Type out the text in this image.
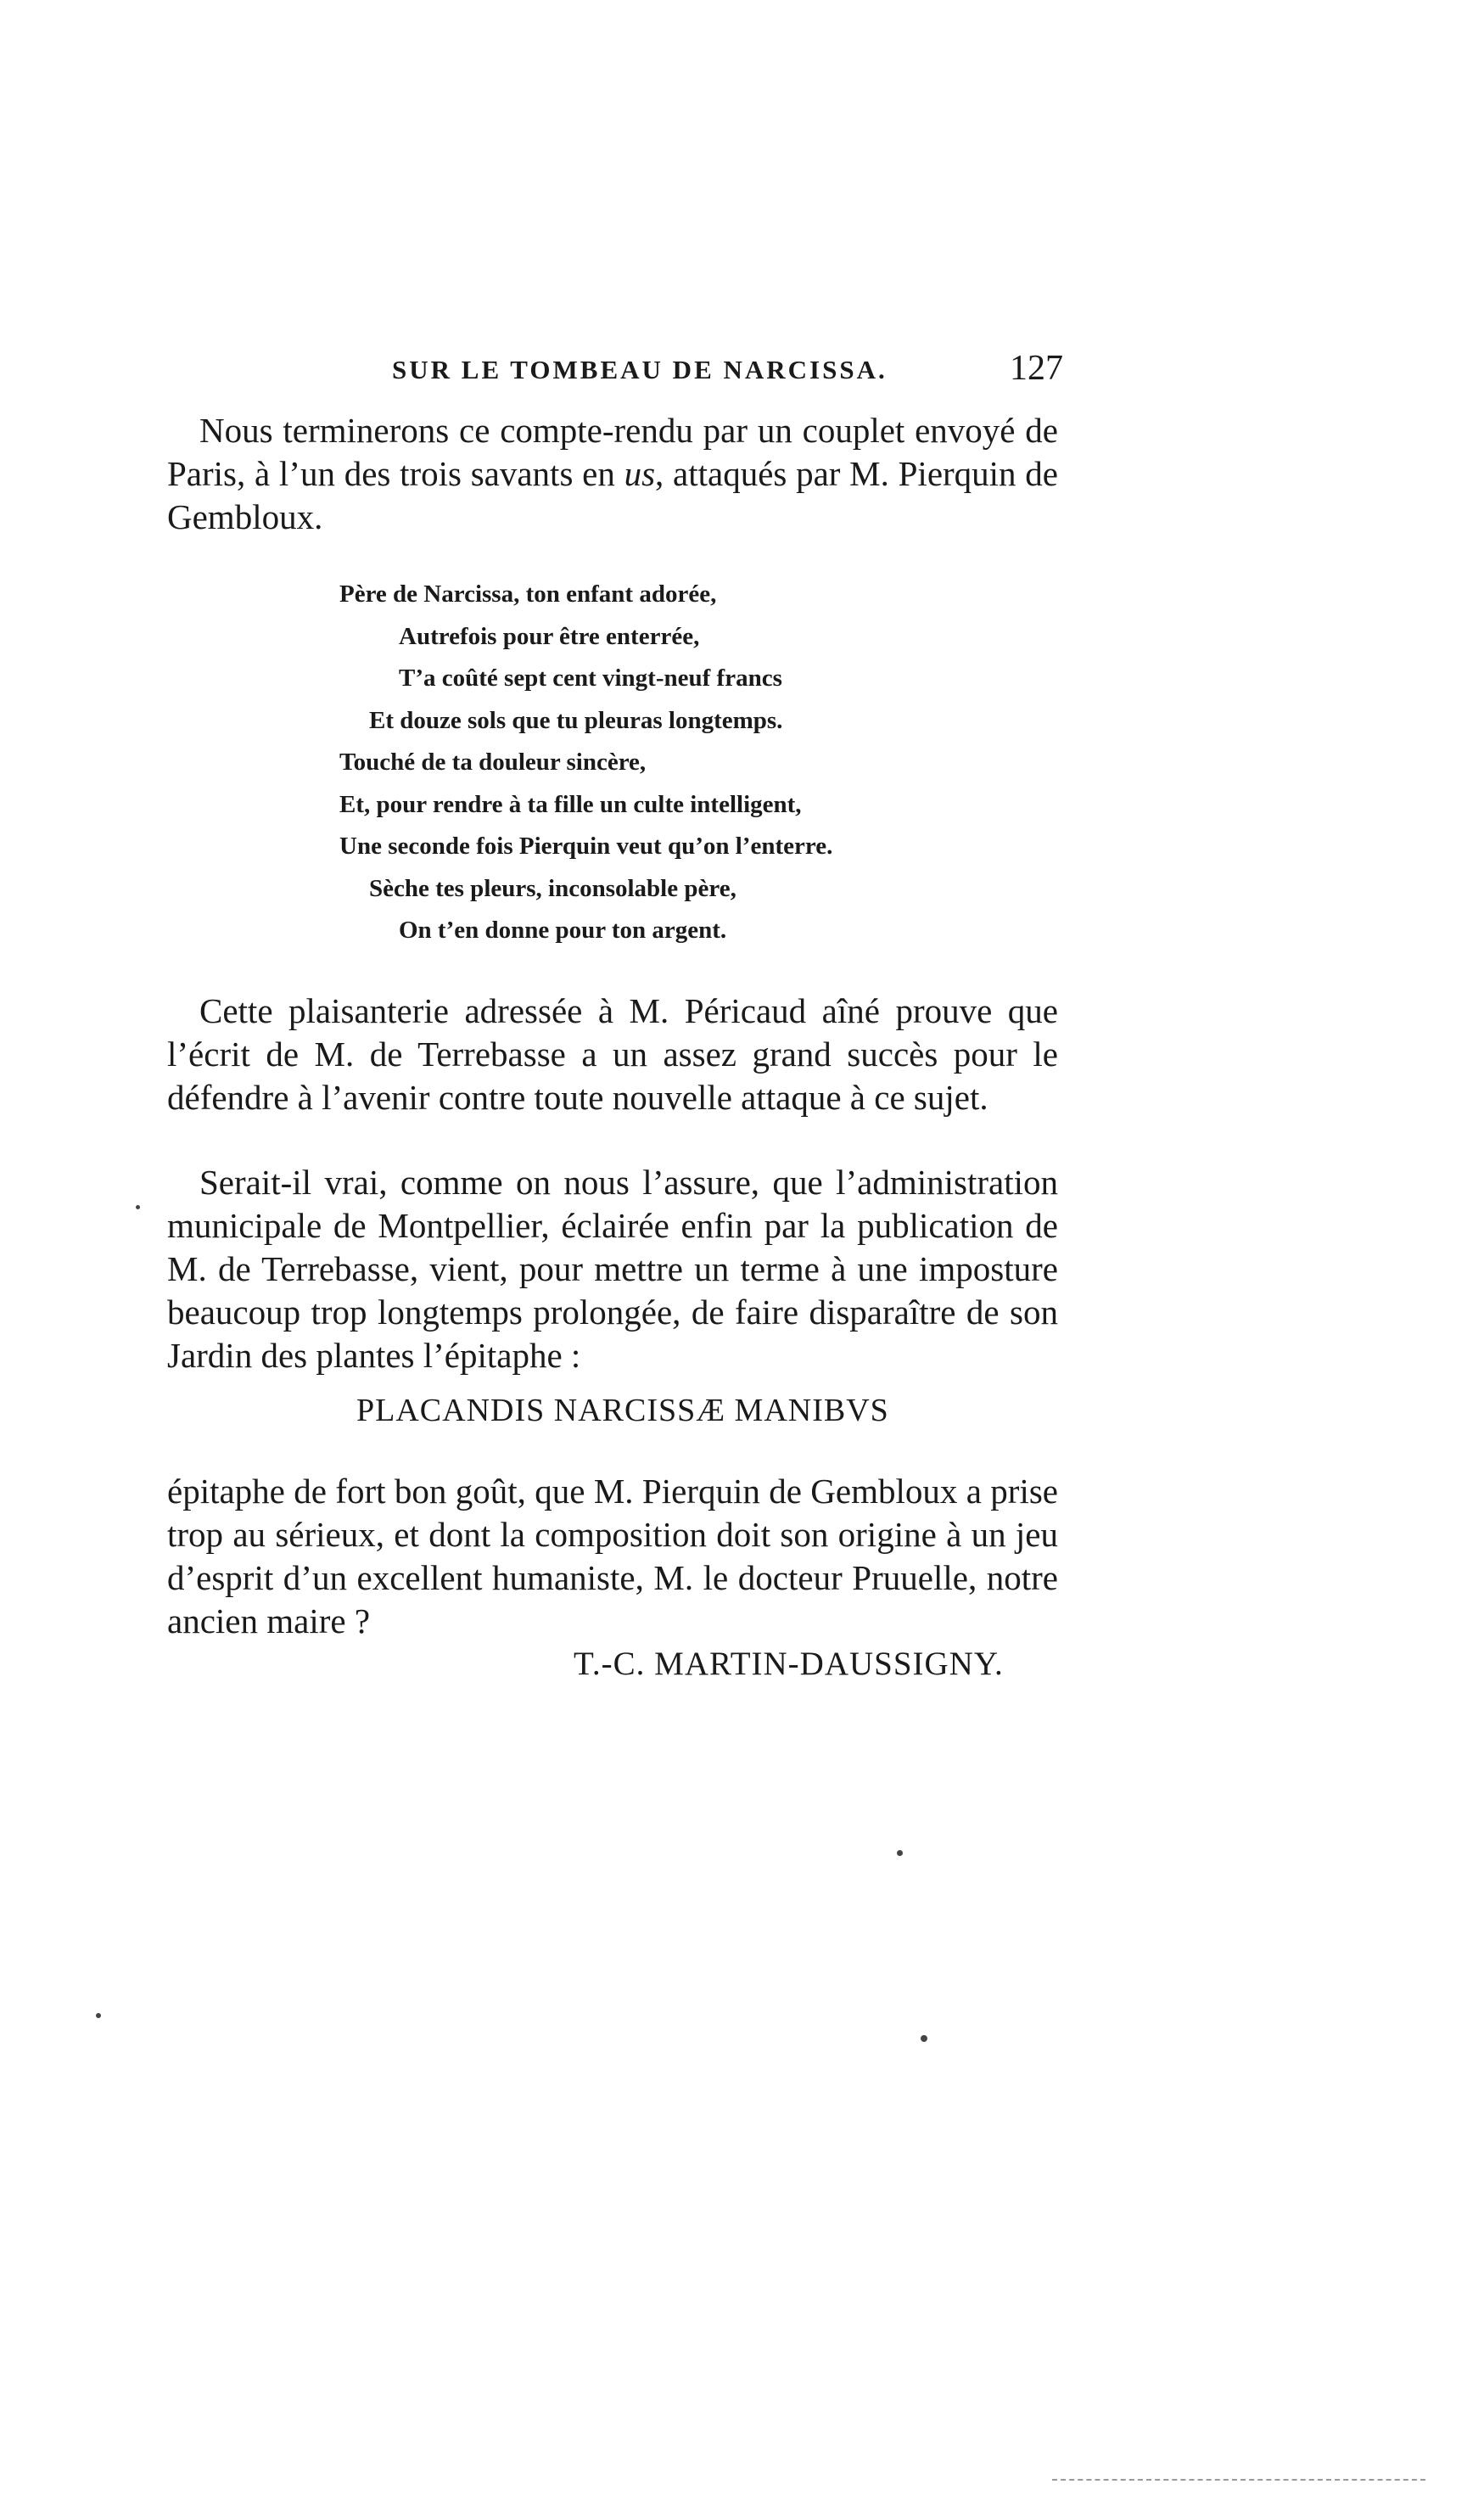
SUR LE TOMBEAU DE NARCISSA.	127
Nous terminerons ce compte-rendu par un couplet envoyé de Paris, à l’un des trois savants en us, attaqués par M. Pierquin de Gembloux.
Père de Narcissa, ton enfant adorée,
Autrefois pour être enterrée,
T’a coûté sept cent vingt-neuf francs
Et douze sols que tu pleuras longtemps.
Touché de ta douleur sincère,
Et, pour rendre à ta fille un culte intelligent,
Une seconde fois Pierquin veut qu’on l’enterre.
Sèche tes pleurs, inconsolable père,
On t’en donne pour ton argent.
Cette plaisanterie adressée à M. Péricaud aîné prouve que l’écrit de M. de Terrebasse a un assez grand succès pour le défendre à l’avenir contre toute nouvelle attaque à ce sujet.
Serait-il vrai, comme on nous l’assure, que l’administration municipale de Montpellier, éclairée enfin par la publication de M. de Terrebasse, vient, pour mettre un terme à une imposture beaucoup trop longtemps prolongée, de faire disparaître de son Jardin des plantes l’épitaphe :
PLACANDIS NARCISSÆ MANIBVS
épitaphe de fort bon goût, que M. Pierquin de Gembloux a prise trop au sérieux, et dont la composition doit son origine à un jeu d’esprit d’un excellent humaniste, M. le docteur Pruuelle, notre ancien maire ?
T.-C. MARTIN-DAUSSIGNY.
